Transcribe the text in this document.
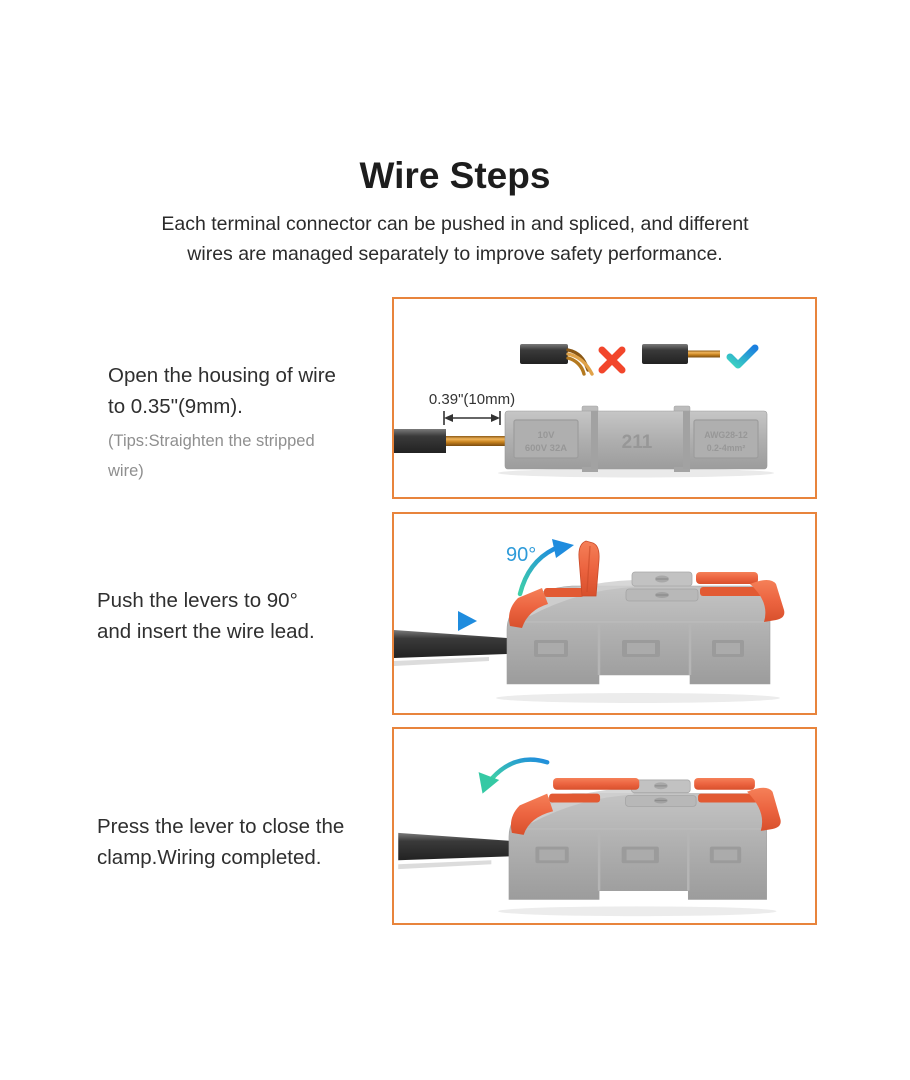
Wire Steps
Each terminal connector can be pushed in and spliced, and different
wires are managed separately to improve safety performance.
Open the housing of wire
to 0.35"(9mm).
(Tips:Straighten the stripped
wire)
Push the levers to 90°
and insert the wire lead.
Press the lever to close the
clamp.Wiring completed.
0.39"(10mm)
10V
600V 32A	211	AWG28-12
0.2-4mm²
90°
